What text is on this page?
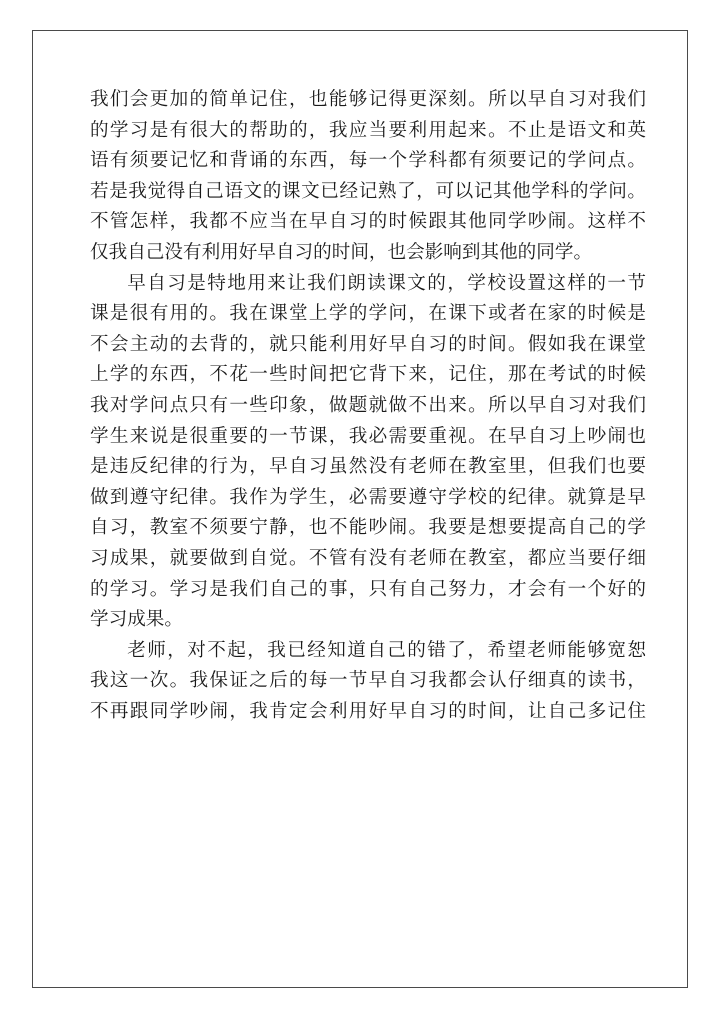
我们会更加的简单记住，也能够记得更深刻。所以早自习对我们
的学习是有很大的帮助的，我应当要利用起来。不止是语文和英
语有须要记忆和背诵的东西，每一个学科都有须要记的学问点。
若是我觉得自己语文的课文已经记熟了，可以记其他学科的学问。
不管怎样，我都不应当在早自习的时候跟其他同学吵闹。这样不
仅我自己没有利用好早自习的时间，也会影响到其他的同学。
早自习是特地用来让我们朗读课文的，学校设置这样的一节
课是很有用的。我在课堂上学的学问，在课下或者在家的时候是
不会主动的去背的，就只能利用好早自习的时间。假如我在课堂
上学的东西，不花一些时间把它背下来，记住，那在考试的时候
我对学问点只有一些印象，做题就做不出来。所以早自习对我们
学生来说是很重要的一节课，我必需要重视。在早自习上吵闹也
是违反纪律的行为，早自习虽然没有老师在教室里，但我们也要
做到遵守纪律。我作为学生，必需要遵守学校的纪律。就算是早
自习，教室不须要宁静，也不能吵闹。我要是想要提高自己的学
习成果，就要做到自觉。不管有没有老师在教室，都应当要仔细
的学习。学习是我们自己的事，只有自己努力，才会有一个好的
学习成果。
老师，对不起，我已经知道自己的错了，希望老师能够宽恕
我这一次。我保证之后的每一节早自习我都会认仔细真的读书，
不再跟同学吵闹，我肯定会利用好早自习的时间，让自己多记住
